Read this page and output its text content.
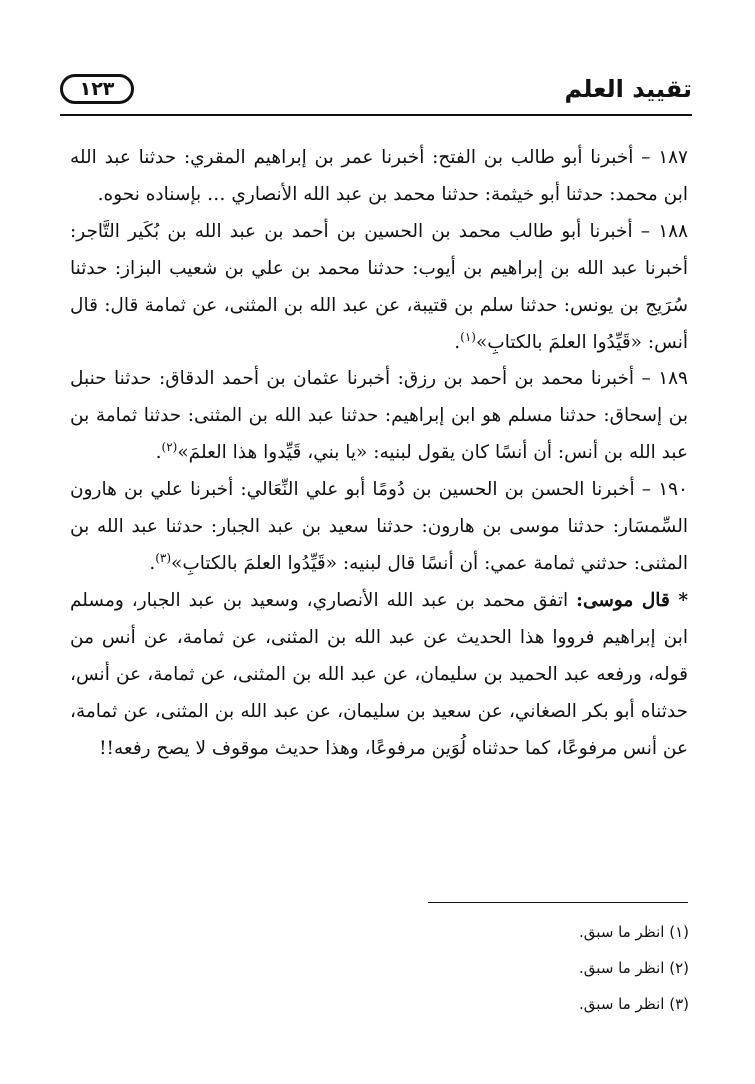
تقييد العلم
١٢٣

١٨٧ – أخبرنا أبو طالب بن الفتح: أخبرنا عمر بن إبراهيم المقري: حدثنا عبد الله ابن محمد: حدثنا أبو خيثمة: حدثنا محمد بن عبد الله الأنصاري … بإسناده نحوه.

١٨٨ – أخبرنا أبو طالب محمد بن الحسين بن أحمد بن عبد الله بن بُكَير التَّاجر: أخبرنا عبد الله بن إبراهيم بن أيوب: حدثنا محمد بن علي بن شعيب البزاز: حدثنا سُرَيج بن يونس: حدثنا سلم بن قتيبة، عن عبد الله بن المثنى، عن ثمامة قال: قال أنس: «قَيِّدُوا العلمَ بالكتابِ»$^{(١)}$.

١٨٩ – أخبرنا محمد بن أحمد بن رزق: أخبرنا عثمان بن أحمد الدقاق: حدثنا حنبل بن إسحاق: حدثنا مسلم هو ابن إبراهيم: حدثنا عبد الله بن المثنى: حدثنا ثمامة بن عبد الله بن أنس: أن أنسًا كان يقول لبنيه: «يا بني، قَيِّدوا هذا العلمَ»$^{(٢)}$.

١٩٠ – أخبرنا الحسن بن الحسين بن دُومًا أبو علي النِّعَالي: أخبرنا علي بن هارون السِّمسَار: حدثنا موسى بن هارون: حدثنا سعيد بن عبد الجبار: حدثنا عبد الله بن المثنى: حدثني ثمامة عمي: أن أنسًا قال لبنيه: «قَيِّدُوا العلمَ بالكتابِ»$^{(٣)}$.

* قال موسى: اتفق محمد بن عبد الله الأنصاري، وسعيد بن عبد الجبار، ومسلم ابن إبراهيم فرووا هذا الحديث عن عبد الله بن المثنى، عن ثمامة، عن أنس من قوله، ورفعه عبد الحميد بن سليمان، عن عبد الله بن المثنى، عن ثمامة، عن أنس، حدثناه أبو بكر الصغاني، عن سعيد بن سليمان، عن عبد الله بن المثنى، عن ثمامة، عن أنس مرفوعًا، كما حدثناه لُوَين مرفوعًا، وهذا حديث موقوف لا يصح رفعه!!

(١) انظر ما سبق.

(٢) انظر ما سبق.

(٣) انظر ما سبق.
